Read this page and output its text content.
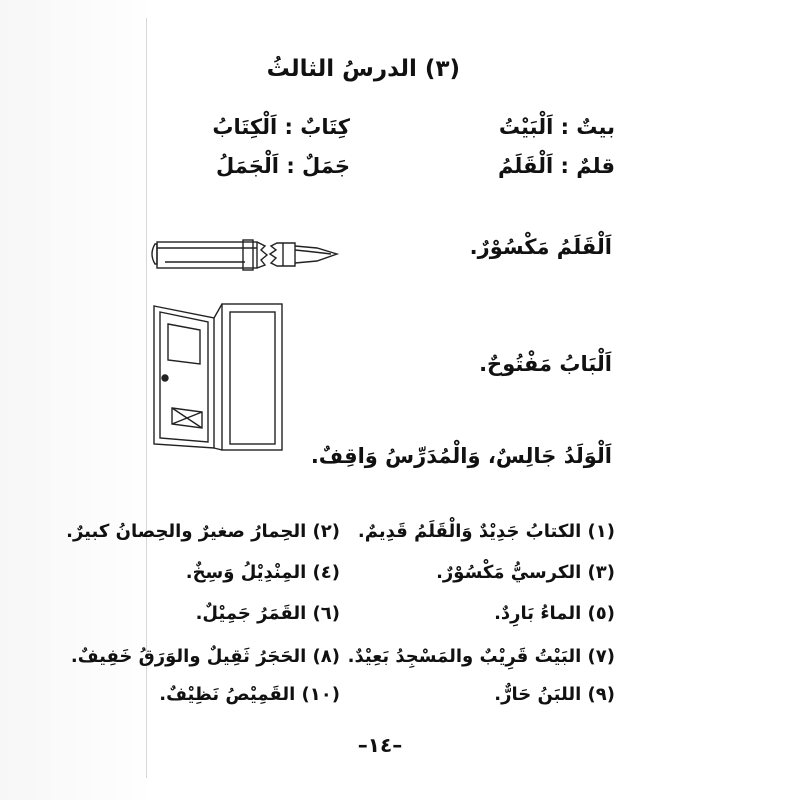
(٣) الدرسُ الثالثُ
بيتٌ : اَلْبَيْتُ
كِتَابٌ : اَلْكِتَابُ
قلمٌ : اَلْقَلَمُ
جَمَلٌ : اَلْجَمَلُ
اَلْقَلَمُ مَكْسُوْرٌ.
اَلْبَابُ مَفْتُوحٌ.
اَلْوَلَدُ جَالِسٌ، وَالْمُدَرِّسُ وَاقِفٌ.
(١) الكتابُ جَدِيْدٌ وَالْقَلَمُ قَدِيمٌ.
(٢) الحِمارُ صغيرٌ والحِصانُ كبيرٌ.
(٣) الكرسيُّ مَكْسُوْرٌ.
(٤) المِنْدِيْلُ وَسِخٌ.
(٥) الماءُ بَارِدٌ.
(٦) القَمَرُ جَمِيْلٌ.
(٧) البَيْتُ قَرِيْبٌ والمَسْجِدُ بَعِيْدٌ.
(٨) الحَجَرُ ثَقِيلٌ والوَرَقُ خَفِيفٌ.
(٩) اللبَنُ حَارٌّ.
(١٠) القَمِيْصُ نَظِيْفٌ.
–١٤–
